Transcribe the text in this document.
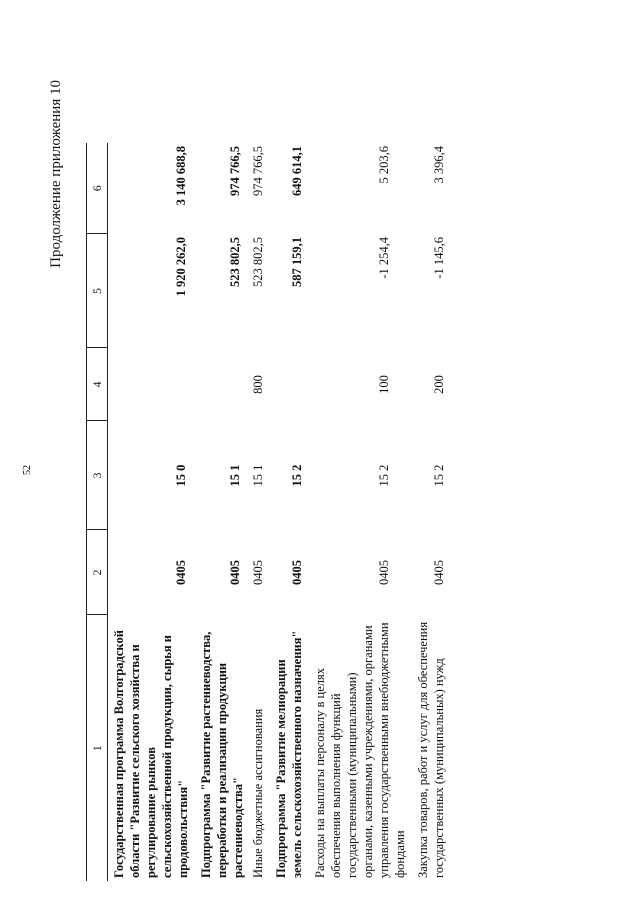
52
Продолжение приложения 10
1	2	3	4	5	6
Государственная программа Волгоградской области "Развитие сельского хозяйства и регулирование рынков сельскохозяйственной продукции, сырья и продовольствия"	0405	15 0		1 920 262,0	3 140 688,8
Подпрограмма "Развитие растениеводства, переработки и реализации продукции растениеводства"	0405	15 1		523 802,5	974 766,5
Иные бюджетные ассигнования	0405	15 1	800	523 802,5	974 766,5
Подпрограмма "Развитие мелиорации земель сельскохозяйственного назначения"	0405	15 2		587 159,1	649 614,1
Расходы на выплаты персоналу в целях обеспечения выполнения функций государственными (муниципальными) органами, казенными учреждениями, органами управления государственными внебюджетными фондами	0405	15 2	100	-1 254,4	5 203,6
Закупка товаров, работ и услуг для обеспечения государственных (муниципальных) нужд	0405	15 2	200	-1 145,6	3 396,4
